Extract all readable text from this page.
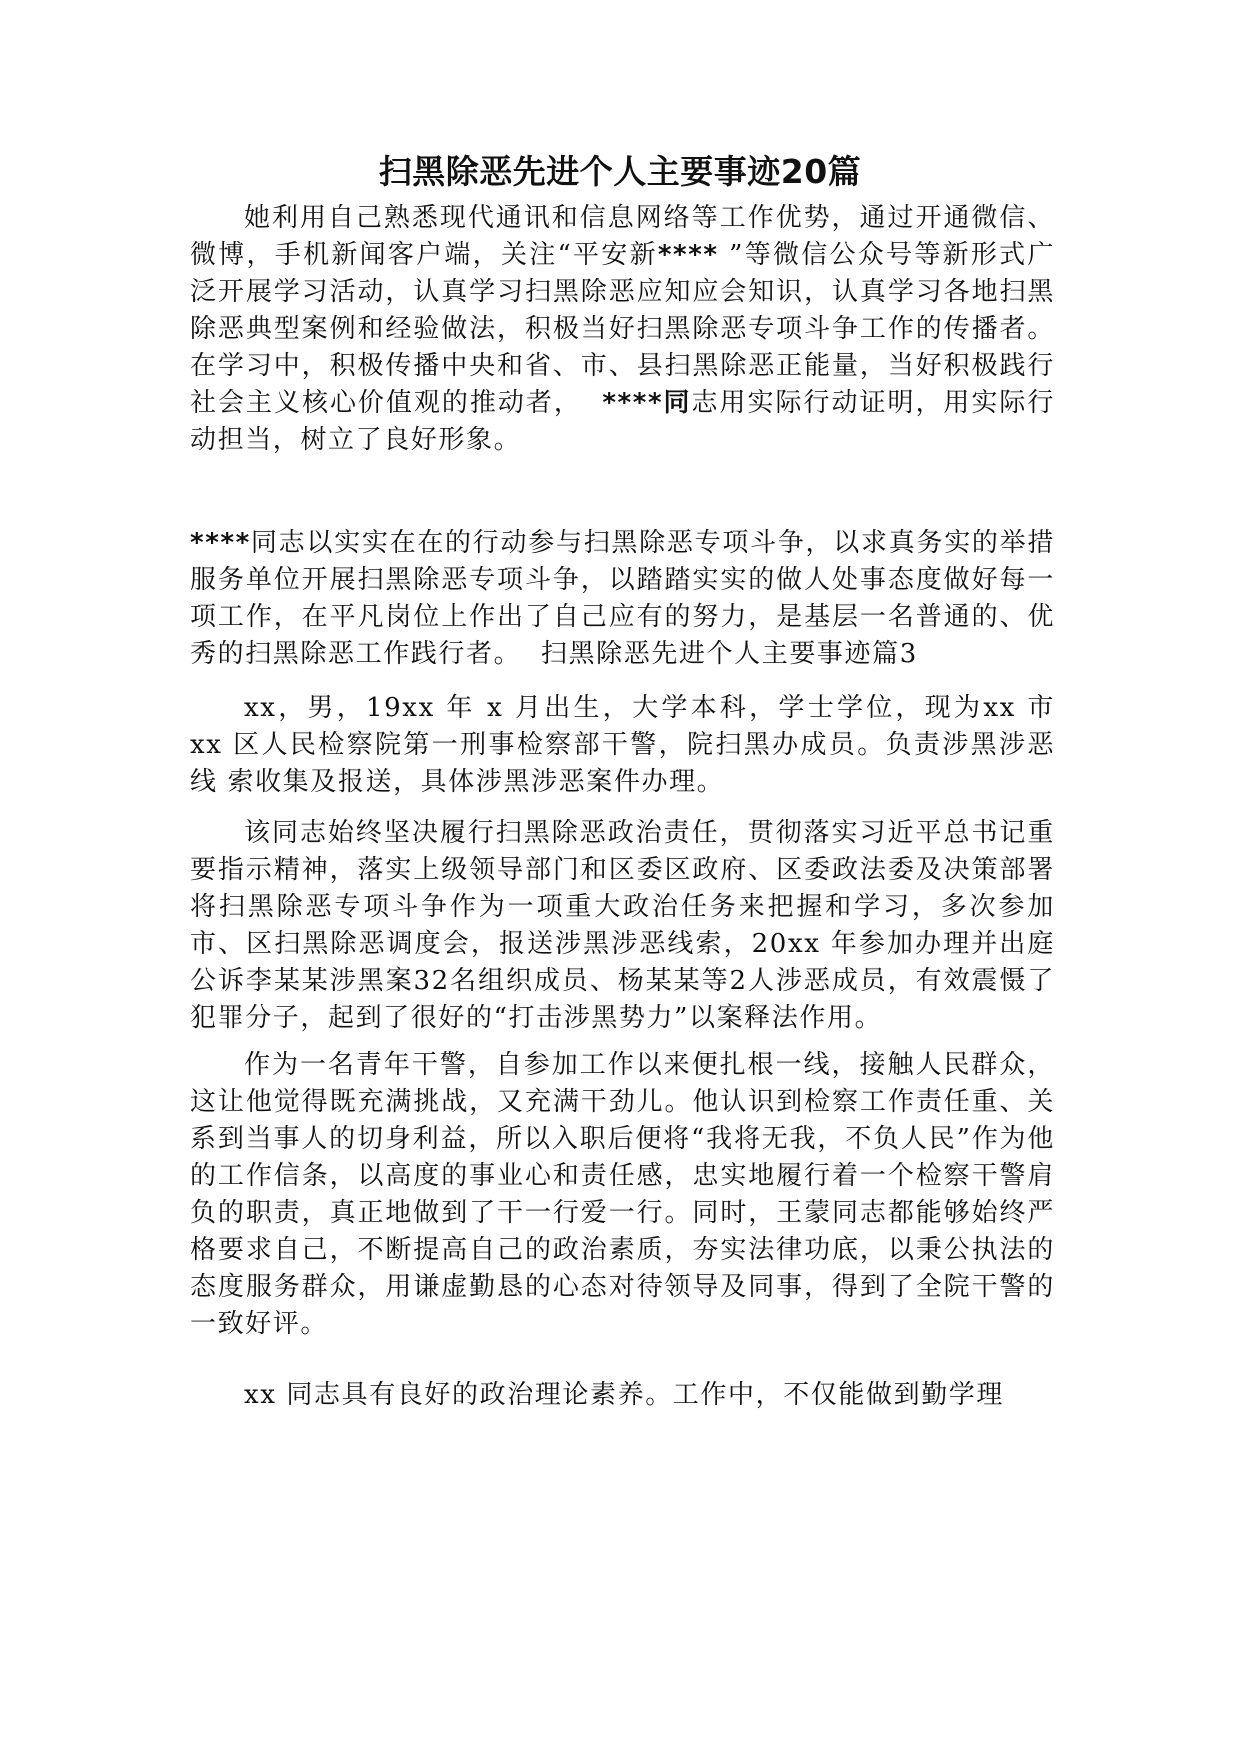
扫黑除恶先进个人主要事迹20篇

她利用自己熟悉现代通讯和信息网络等工作优势，通过开通微信、微博，手机新闻客户端，关注“平安新**** ”等微信公众号等新形式广泛开展学习活动，认真学习扫黑除恶应知应会知识，认真学习各地扫黑除恶典型案例和经验做法，积极当好扫黑除恶专项斗争工作的传播者。在学习中，积极传播中央和省、市、县扫黑除恶正能量，当好积极践行社会主义核心价值观的推动者，  ****同志用实际行动证明，用实际行动担当，树立了良好形象。

****同志以实实在在的行动参与扫黑除恶专项斗争，以求真务实的举措服务单位开展扫黑除恶专项斗争，以踏踏实实的做人处事态度做好每一项工作，在平凡岗位上作出了自己应有的努力，是基层一名普通的、优秀的扫黑除恶工作践行者。  扫黑除恶先进个人主要事迹篇3

xx，男，19xx 年 x 月出生，大学本科，学士学位，现为xx 市 xx 区人民检察院第一刑事检察部干警，院扫黑办成员。负责涉黑涉恶线 索收集及报送，具体涉黑涉恶案件办理。

该同志始终坚决履行扫黑除恶政治责任，贯彻落实习近平总书记重要指示精神，落实上级领导部门和区委区政府、区委政法委及决策部署将扫黑除恶专项斗争作为一项重大政治任务来把握和学习，多次参加市、区扫黑除恶调度会，报送涉黑涉恶线索，20xx 年参加办理并出庭公诉李某某涉黑案32名组织成员、杨某某等2人涉恶成员，有效震慑了犯罪分子，起到了很好的“打击涉黑势力”以案释法作用。

作为一名青年干警，自参加工作以来便扎根一线，接触人民群众，这让他觉得既充满挑战，又充满干劲儿。他认识到检察工作责任重、关系到当事人的切身利益，所以入职后便将“我将无我，不负人民”作为他的工作信条，以高度的事业心和责任感，忠实地履行着一个检察干警肩负的职责，真正地做到了干一行爱一行。同时，王蒙同志都能够始终严格要求自己，不断提高自己的政治素质，夯实法律功底，以秉公执法的态度服务群众，用谦虚勤恳的心态对待领导及同事，得到了全院干警的一致好评。

xx 同志具有良好的政治理论素养。工作中，不仅能做到勤学理
